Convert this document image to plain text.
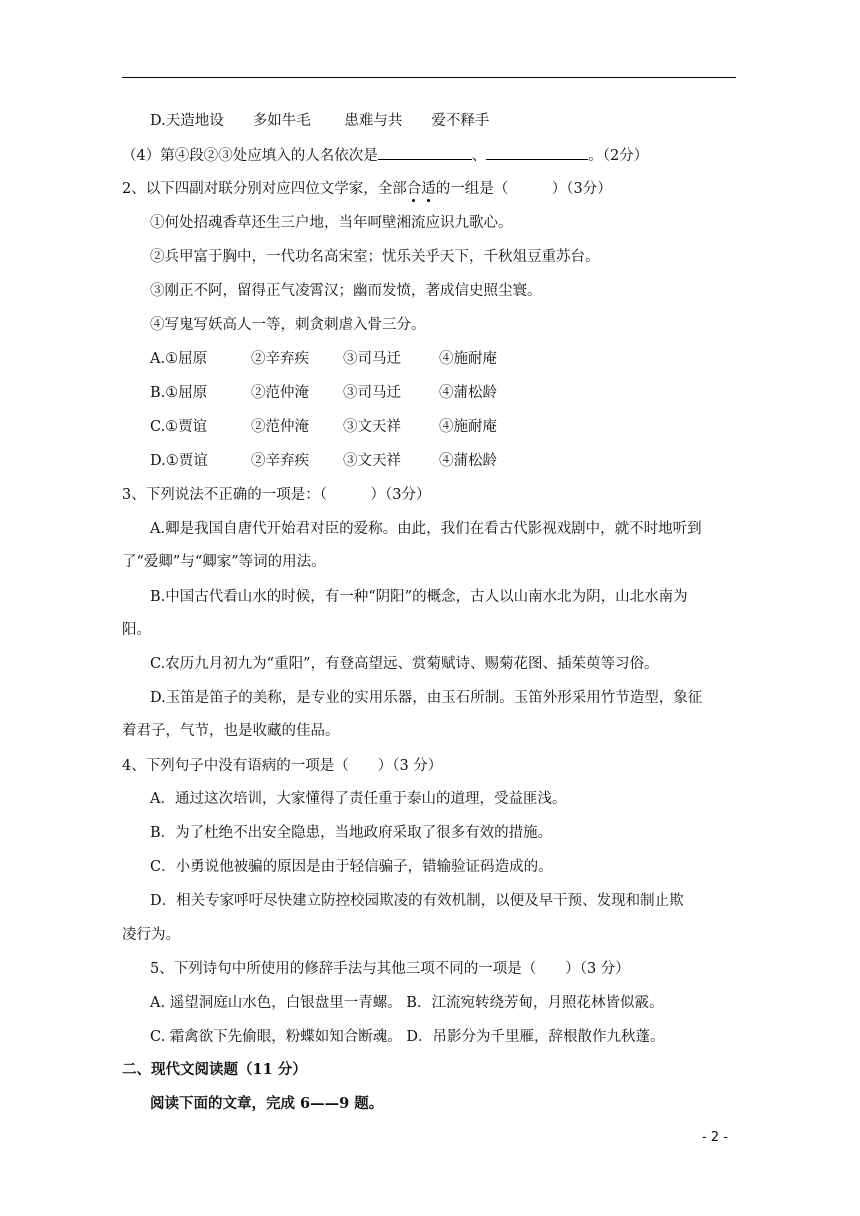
D.天造地设　　多如牛毛　　 患难与共　　爱不释手
（4）第④段②③处应填入的人名依次是	、	。（2分）
2、以下四副对联分别对应四位文学家，全部合适的一组是（　　　）（3分）
①何处招魂香草还生三户地，当年呵壁湘流应识九歌心。
②兵甲富于胸中，一代功名高宋室；忧乐关乎天下，千秋俎豆重苏台。
③刚正不阿，留得正气凌霄汉；幽而发愤，著成信史照尘寰。
④写鬼写妖高人一等，刺贪刺虐入骨三分。
A.①屈原	②辛弃疾 ③司马迁	④施耐庵
B.①屈原	②范仲淹 ③司马迁	④蒲松龄
C.①贾谊	②范仲淹 ③文天祥	④施耐庵
D.①贾谊	②辛弃疾 ③文天祥	④蒲松龄
3、下列说法不正确的一项是：（　　　）（3分）
A.卿是我国自唐代开始君对臣的爱称。由此，我们在看古代影视戏剧中，就不时地听到
了“爱卿”与“卿家”等词的用法。
B.中国古代看山水的时候，有一种“阴阳”的概念，古人以山南水北为阴，山北水南为
阳。
C.农历九月初九为“重阳”，有登高望远、赏菊赋诗、赐菊花图、插茱萸等习俗。
D.玉笛是笛子的美称，是专业的实用乐器，由玉石所制。玉笛外形采用竹节造型，象征
着君子，气节，也是收藏的佳品。
4、下列句子中没有语病的一项是（　　）（3 分）
A．通过这次培训，大家懂得了责任重于泰山的道理，受益匪浅。
B．为了杜绝不出安全隐患，当地政府采取了很多有效的措施。
C．小勇说他被骗的原因是由于轻信骗子，错输验证码造成的。
D．相关专家呼吁尽快建立防控校园欺凌的有效机制，以便及早干预、发现和制止欺
凌行为。
5、下列诗句中所使用的修辞手法与其他三项不同的一项是（　　）（3 分）
A. 遥望洞庭山水色，白银盘里一青螺。 B．江流宛转绕芳甸，月照花林皆似霰。
C. 霜禽欲下先偷眼，粉蝶如知合断魂。 D．吊影分为千里雁，辞根散作九秋蓬。
二、现代文阅读题（11 分）
阅读下面的文章，完成 6——9 题。
- 2 -
